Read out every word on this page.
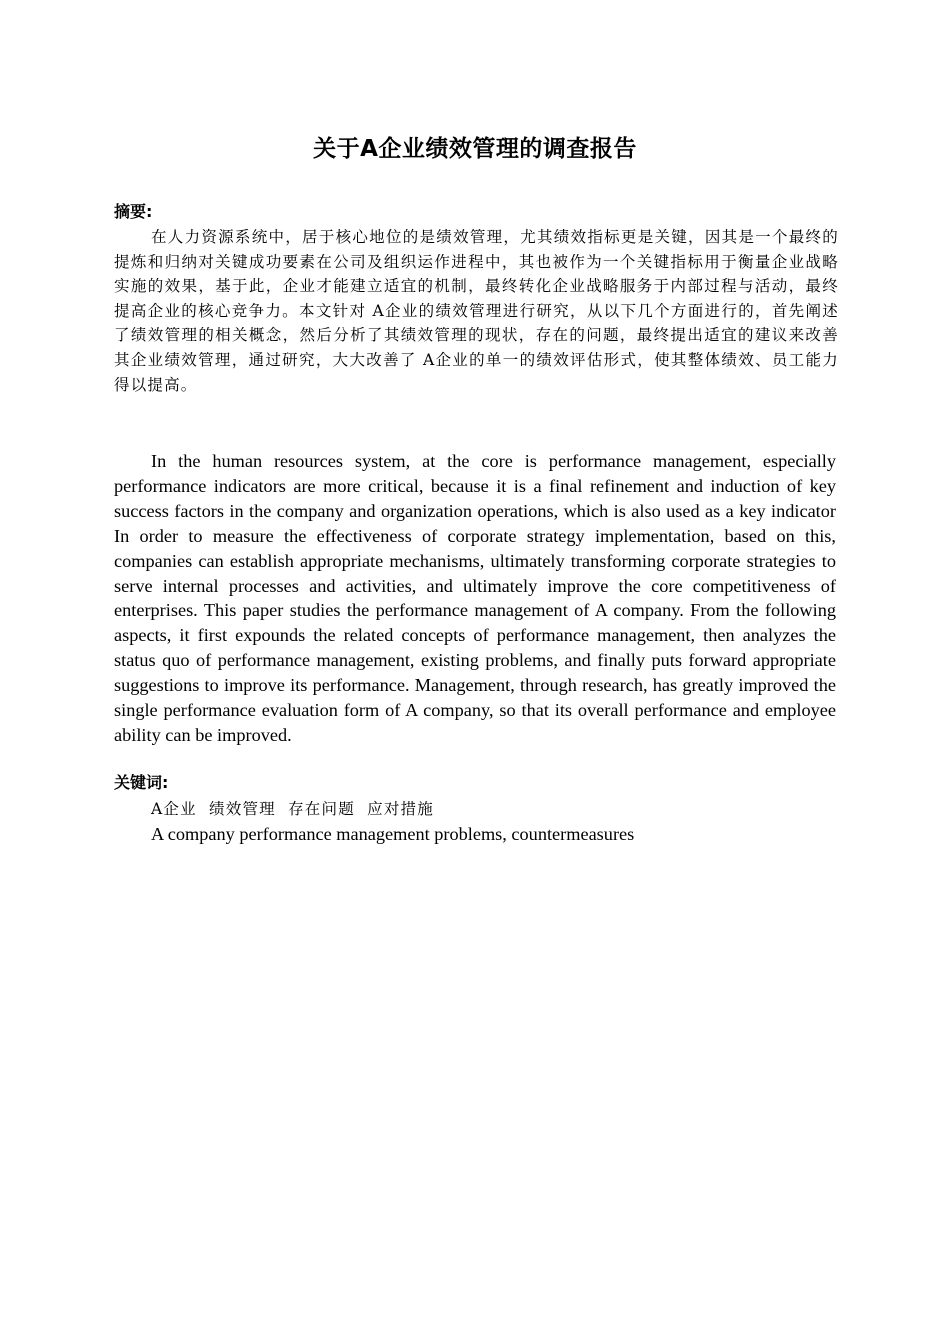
关于A企业绩效管理的调查报告
摘要:

在人力资源系统中，居于核心地位的是绩效管理，尤其绩效指标更是关键，因其是一个最终的提炼和归纳对关键成功要素在公司及组织运作进程中，其也被作为一个关键指标用于衡量企业战略实施的效果，基于此，企业才能建立适宜的机制，最终转化企业战略服务于内部过程与活动，最终提高企业的核心竞争力。本文针对 A企业的绩效管理进行研究，从以下几个方面进行的，首先阐述了绩效管理的相关概念，然后分析了其绩效管理的现状，存在的问题，最终提出适宜的建议来改善其企业绩效管理，通过研究，大大改善了 A企业的单一的绩效评估形式，使其整体绩效、员工能力得以提高。

In the human resources system, at the core is performance management, especially performance indicators are more critical, because it is a final refinement and induction of key success factors in the company and organization operations, which is also used as a key indicator In order to measure the effectiveness of corporate strategy implementation, based on this, companies can establish appropriate mechanisms, ultimately transforming corporate strategies to serve internal processes and activities, and ultimately improve the core competitiveness of enterprises. This paper studies the performance management of A company. From the following aspects, it first expounds the related concepts of performance management, then analyzes the status quo of performance management, existing problems, and finally puts forward appropriate suggestions to improve its performance. Management, through research, has greatly improved the single performance evaluation form of A company, so that its overall performance and employee ability can be improved.

关键词:
A企业  绩效管理  存在问题  应对措施
A company performance management problems, countermeasures
